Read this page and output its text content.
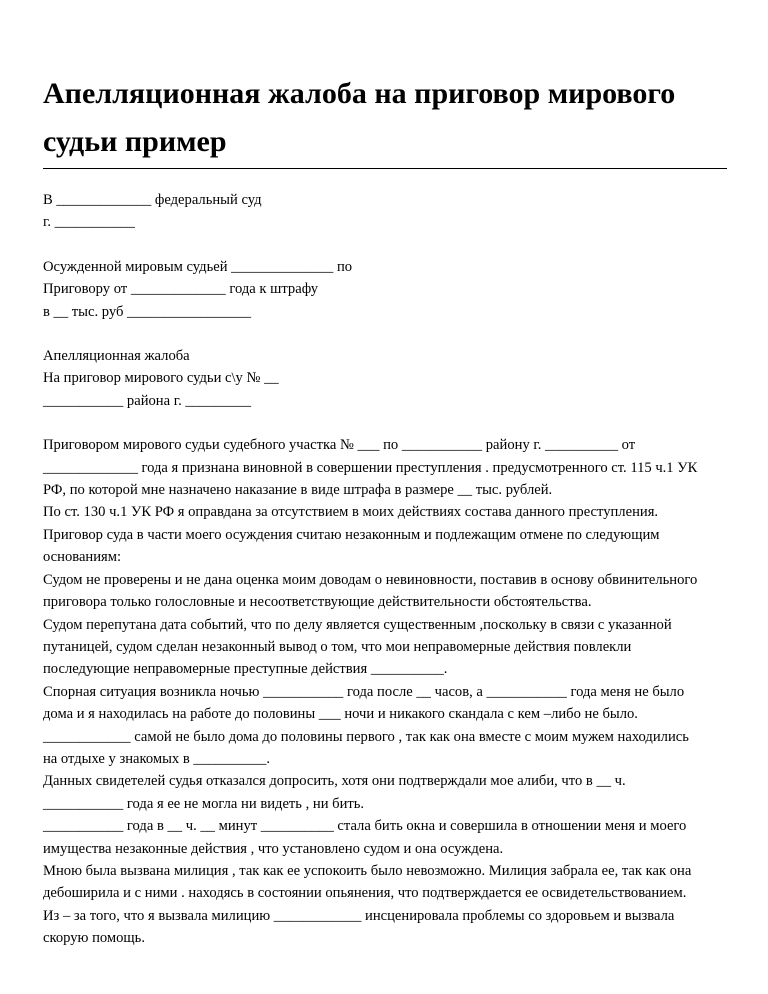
Апелляционная жалоба на приговор мирового
судьи пример
В _____________ федеральный суд
г. ___________
Осужденной мировым судьей ______________ по
Приговору от _____________ года к штрафу
в __ тыс. руб _________________
Апелляционная жалоба
На приговор мирового судьи с\у № __
___________ района г. _________
Приговором мирового судьи судебного участка № ___ по ___________ району г. __________ от
_____________ года я признана виновной в совершении преступления . предусмотренного ст. 115 ч.1 УК
РФ, по которой мне назначено наказание в виде штрафа в размере __ тыс. рублей.
По ст. 130 ч.1 УК РФ я оправдана за отсутствием в моих действиях состава данного преступления.
Приговор суда в части моего осуждения считаю незаконным и подлежащим отмене по следующим
основаниям:
Судом не проверены и не дана оценка моим доводам о невиновности, поставив в основу обвинительного
приговора только голословные и несоответствующие действительности обстоятельства.
Судом перепутана дата событий, что по делу является существенным ,поскольку в связи с указанной
путаницей, судом сделан незаконный вывод о том, что мои неправомерные действия повлекли
последующие неправомерные преступные действия __________.
Спорная ситуация возникла ночью ___________ года после __ часов, а ___________ года меня не было
дома и я находилась на работе до половины ___ ночи и никакого скандала с кем –либо не было.
____________ самой не было дома до половины первого , так как она вместе с моим мужем находились
на отдыхе у знакомых в __________.
Данных свидетелей судья отказался допросить, хотя они подтверждали мое алиби, что в __ ч.
___________ года я ее не могла ни видеть , ни бить.
___________ года в __ ч. __ минут __________ стала бить окна и совершила в отношении меня и моего
имущества незаконные действия , что установлено судом и она осуждена.
Мною была вызвана милиция , так как ее успокоить было невозможно. Милиция забрала ее, так как она
дебоширила и с ними . находясь в состоянии опьянения, что подтверждается ее освидетельствованием.
Из – за того, что я вызвала милицию ____________ инсценировала проблемы со здоровьем и вызвала
скорую помощь.
